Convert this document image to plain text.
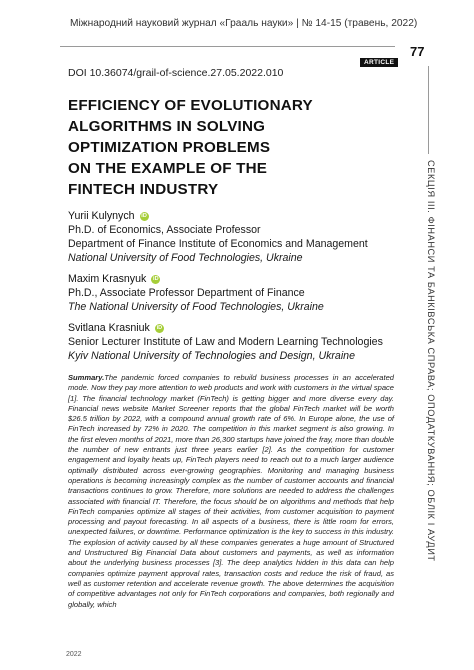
Міжнародний науковий журнал «Грааль науки» | № 14-15 (травень, 2022)
77
ARTICLE
DOI 10.36074/grail-of-science.27.05.2022.010
EFFICIENCY OF EVOLUTIONARY
ALGORITHMS IN SOLVING
OPTIMIZATION PROBLEMS
ON THE EXAMPLE OF THE
FINTECH INDUSTRY
Yurii Kulynych	iD
Ph.D. of Economics, Associate Professor
Department of Finance Institute of Economics and Management
National University of Food Technologies, Ukraine
Maxim Krasnyuk	iD
Ph.D., Associate Professor Department of Finance
The National University of Food Technologies, Ukraine
Svitlana Krasniuk	iD
Senior Lecturer Institute of Law and Modern Learning Technologies
Kyiv National University of Technologies and Design, Ukraine
Summary.The pandemic forced companies to rebuild business processes in an accelerated mode. Now they pay more attention to web products and work with customers in the virtual space [1]. The financial technology market (FinTech) is getting bigger and more diverse every day. Financial news website Market Screener reports that the global FinTech market will be worth $26.5 trillion by 2022, with a compound annual growth rate of 6%. In Europe alone, the use of FinTech increased by 72% in 2020. The competition in this market segment is also growing. In the first eleven months of 2021, more than 26,300 startups have joined the fray, more than double the number of new entrants just three years earlier [2]. As the competition for customer engagement and loyalty heats up, FinTech players need to reach out to a much larger audience optimally distributed across ever-growing geographies. Monitoring and managing business operations is becoming increasingly complex as the number of customer accounts and financial transactions continues to grow. Therefore, more solutions are needed to address the challenges associated with financial IT. Therefore, the focus should be on algorithms and methods that help FinTech companies optimize all stages of their activities, from customer acquisition to payment processing and payout forecasting. In all aspects of a business, there is little room for errors, unexpected failures, or downtime. Performance optimization is the key to success in this industry. The explosion of activity caused by all these companies generates a huge amount of Structured and Unstructured Big Financial Data about customers and payments, as well as information about the underlying business processes [3]. The deep analytics hidden in this data can help companies optimize payment approval rates, transaction costs and reduce the risk of fraud, as well as customer retention and accelerate revenue growth. The above determines the acquisition of competitive advantages not only for FinTech corporations and companies, both regionally and globally, which
СЕКЦІЯ III. ФІНАНСИ ТА БАНКІВСЬКА СПРАВА; ОПОДАТКУВАННЯ; ОБЛІК І АУДИТ
2022
